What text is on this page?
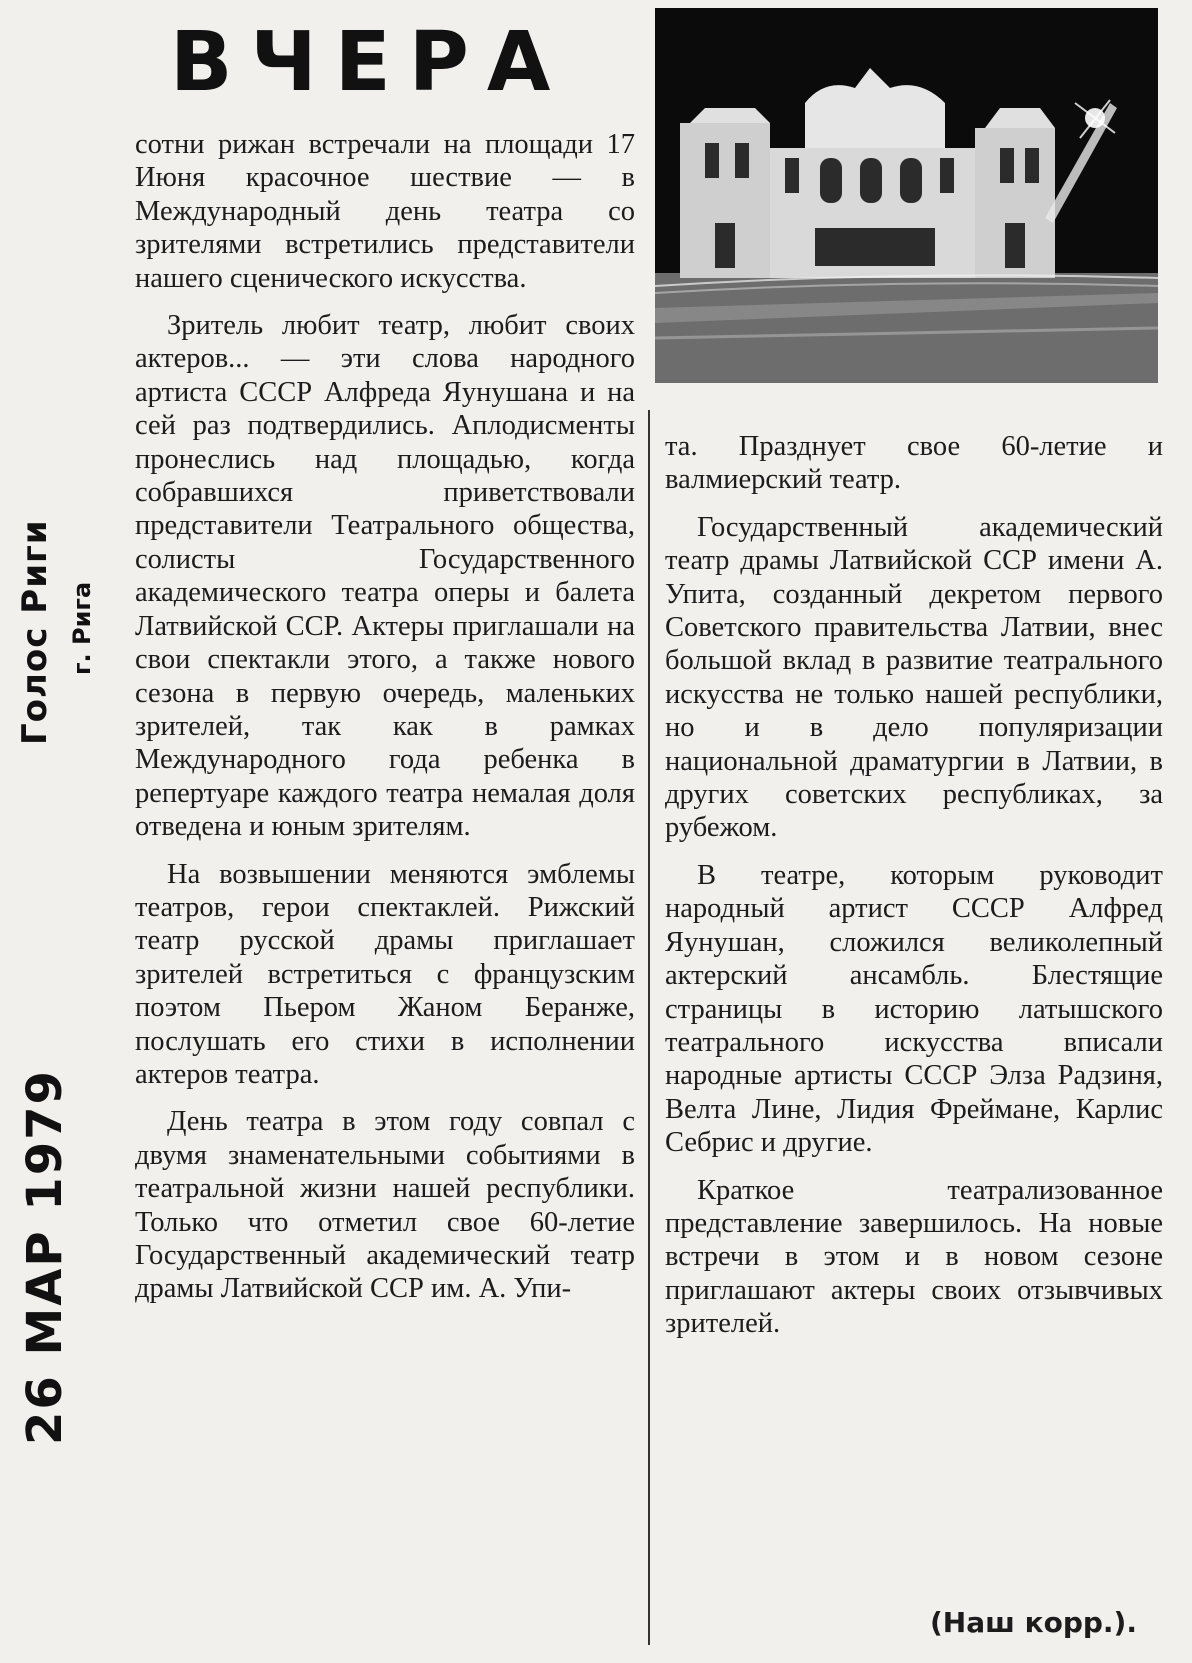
Голос Риги г. Рига
26 МАР 1979
ВЧЕРА

сотни рижан встречали на площади 17 Июня красочное шествие — в Международный день театра со зрителями встретились представители нашего сценического искусства.

Зритель любит театр, любит своих актеров... — эти слова народного артиста СССР Алфреда Яунушана и на сей раз подтвердились. Аплодисменты пронеслись над площадью, когда собравшихся приветствовали представители Театрального общества, солисты Государственного академического театра оперы и балета Латвийской ССР. Актеры приглашали на свои спектакли этого, а также нового сезона в первую очередь, маленьких зрителей, так как в рамках Международного года ребенка в репертуаре каждого театра немалая доля отведена и юным зрителям.

На возвышении меняются эмблемы театров, герои спектаклей. Рижский театр русской драмы приглашает зрителей встретиться с французским поэтом Пьером Жаном Беранже, послушать его стихи в исполнении актеров театра.

День театра в этом году совпал с двумя знаменательными событиями в театральной жизни нашей республики. Только что отметил свое 60-летие Государственный академический театр драмы Латвийской ССР им. А. Упи-

та. Празднует свое 60-летие и валмиерский театр.

Государственный академический театр драмы Латвийской ССР имени А. Упита, созданный декретом первого Советского правительства Латвии, внес большой вклад в развитие театрального искусства не только нашей республики, но и в дело популяризации национальной драматургии в Латвии, в других советских республиках, за рубежом.

В театре, которым руководит народный артист СССР Алфред Яунушан, сложился великолепный актерский ансамбль. Блестящие страницы в историю латышского театрального искусства вписали народные артисты СССР Элза Радзиня, Велта Лине, Лидия Фреймане, Карлис Себрис и другие.

Краткое театрализованное представление завершилось. На новые встречи в этом и в новом сезоне приглашают актеры своих отзывчивых зрителей.

(Наш корр.).
